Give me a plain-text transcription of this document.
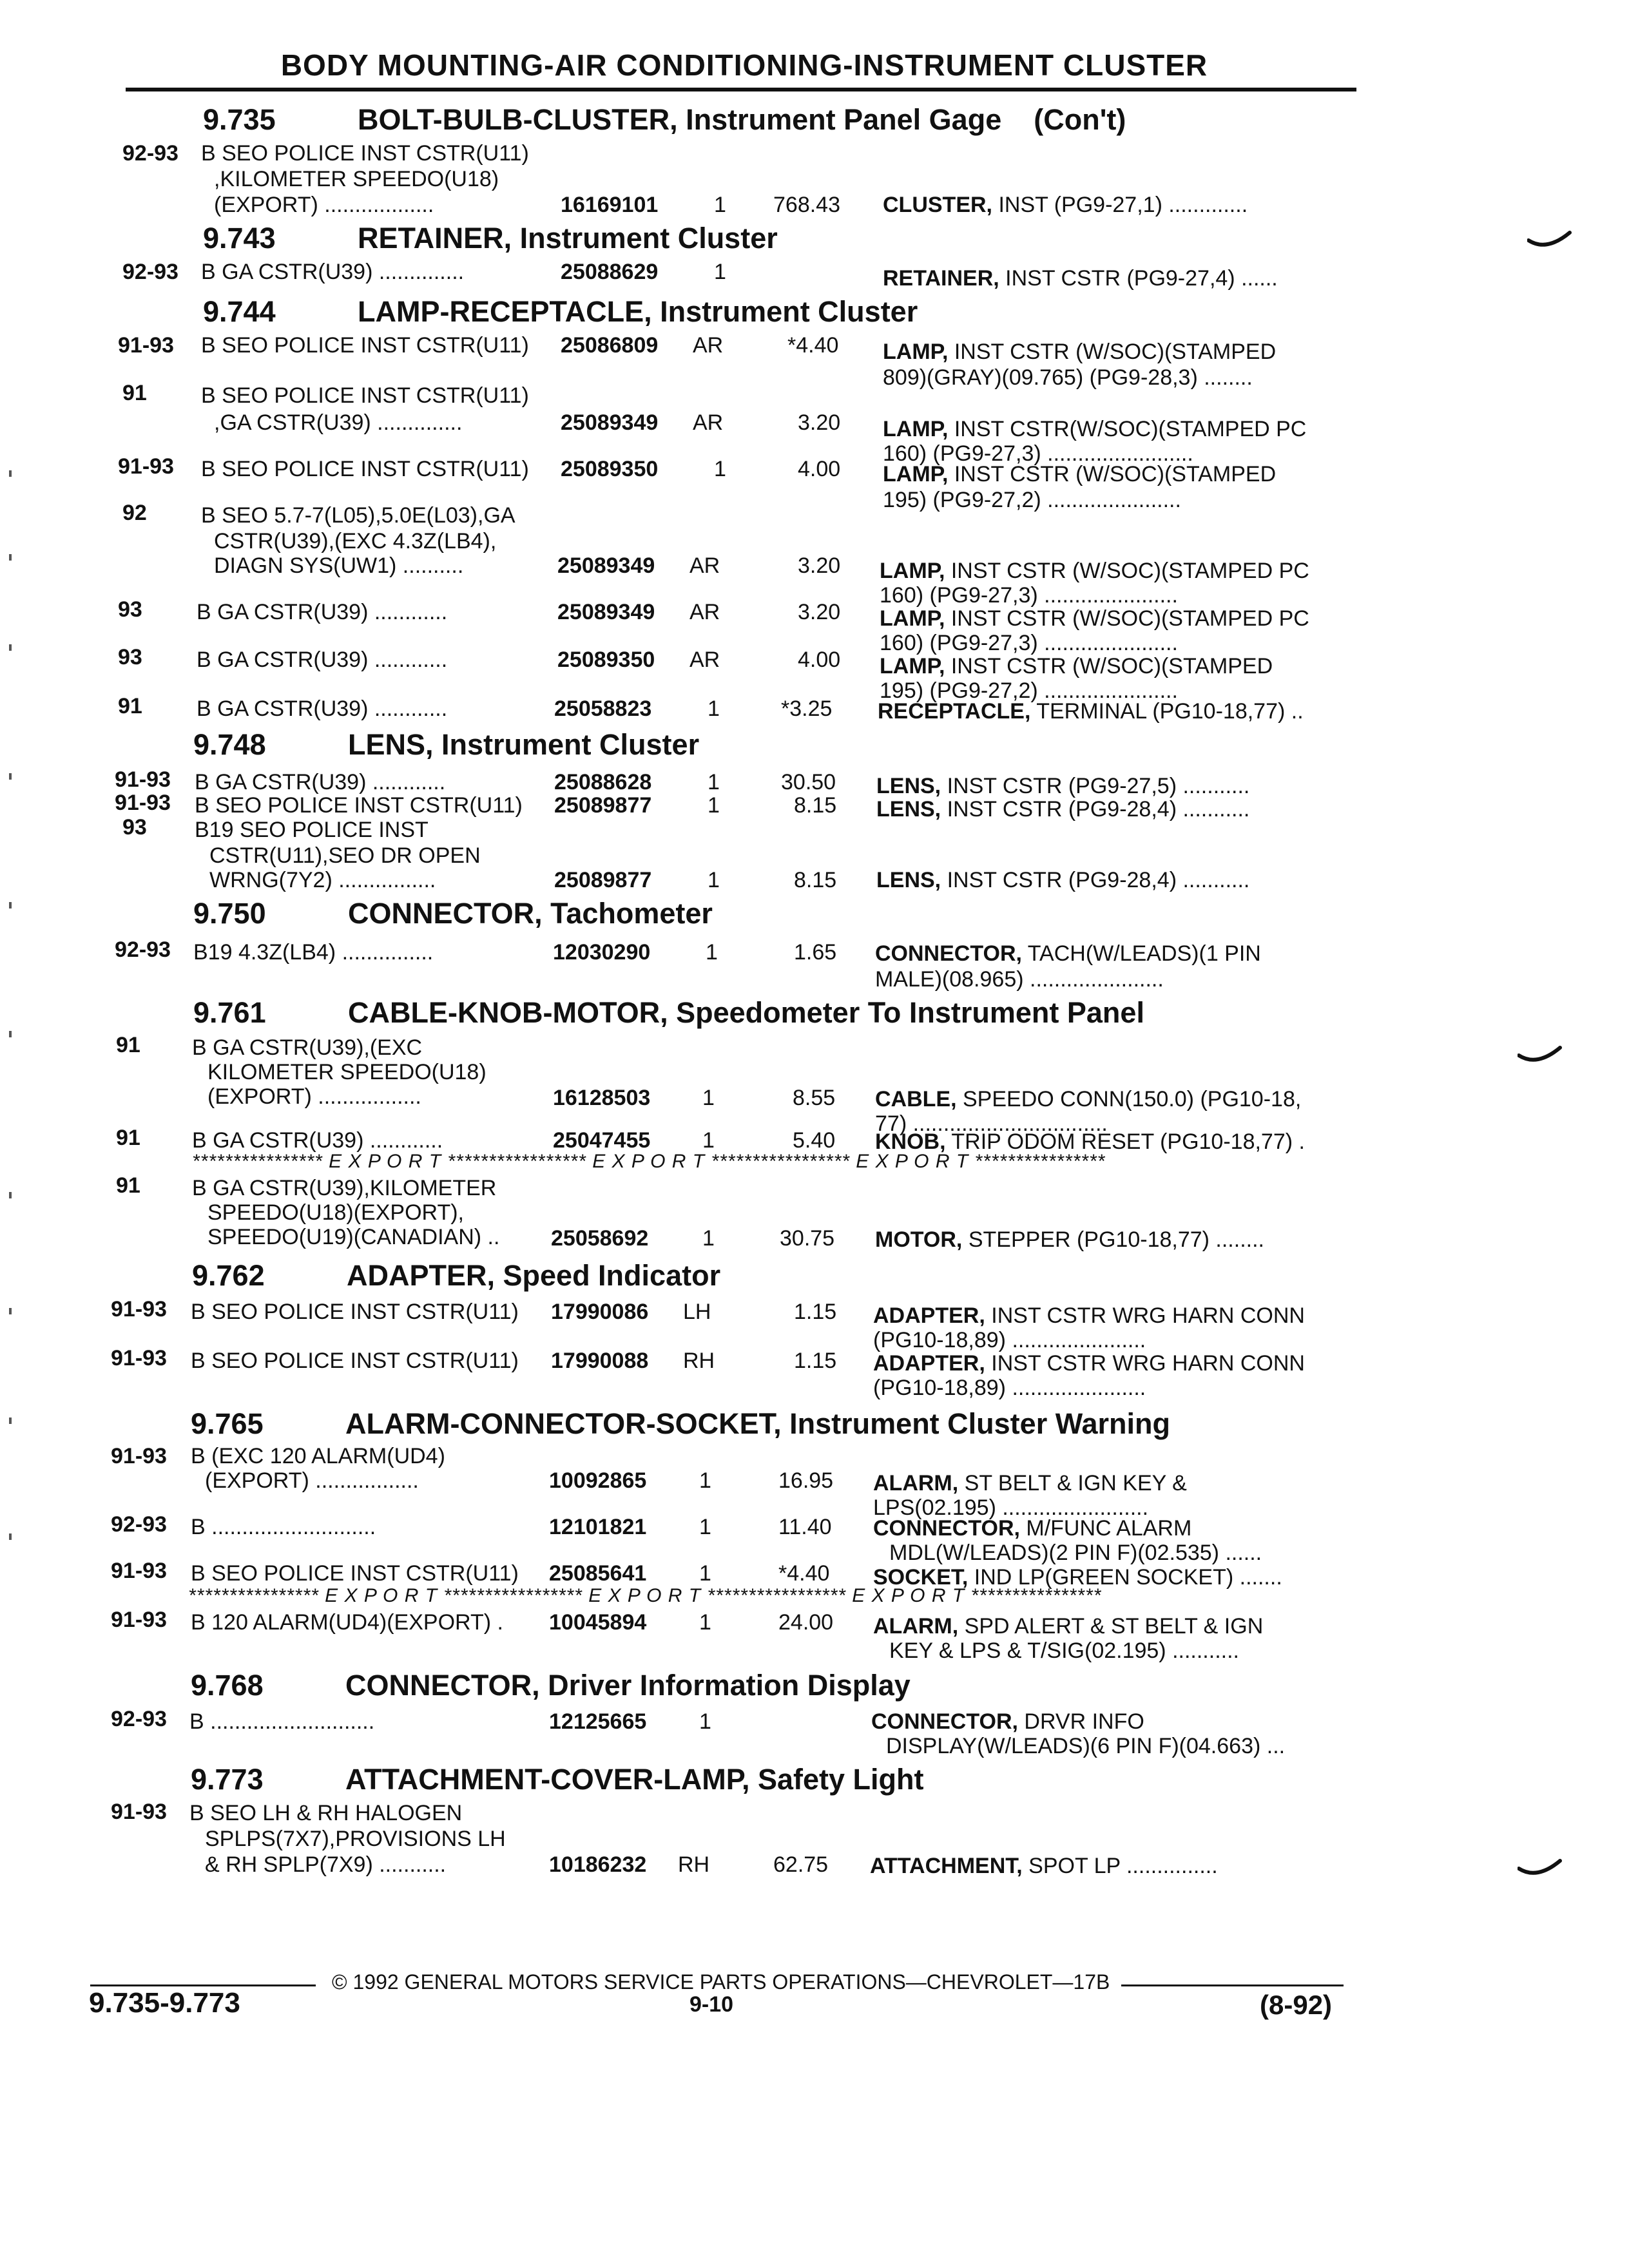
BODY MOUNTING-AIR CONDITIONING-INSTRUMENT CLUSTER
9.735	BOLT-BULB-CLUSTER, Instrument Panel Gage (Con't)
92-93 B SEO POLICE INST CSTR(U11)
,KILOMETER SPEEDO(U18)
(EXPORT) ..................	16169101	1 768.43 CLUSTER, INST (PG9-27,1) .............
9.743	RETAINER, Instrument Cluster
92-93 B GA CSTR(U39) ..............	25088629	1	RETAINER, INST CSTR (PG9-27,4) ......
9.744	LAMP-RECEPTACLE, Instrument Cluster
91-93 B SEO POLICE INST CSTR(U11) 25086809 AR	*4.40 LAMP, INST CSTR (W/SOC)(STAMPED
809)(GRAY)(09.765) (PG9-28,3) ........
91 B SEO POLICE INST CSTR(U11)
,GA CSTR(U39) ..............	25089349 AR	3.20 LAMP, INST CSTR(W/SOC)(STAMPED PC
160) (PG9-27,3) ........................
91-93 B SEO POLICE INST CSTR(U11) 25089350	1	4.00 LAMP, INST CSTR (W/SOC)(STAMPED
195) (PG9-27,2) ......................
92 B SEO 5.7-7(L05),5.0E(L03),GA
CSTR(U39),(EXC 4.3Z(LB4),
DIAGN SYS(UW1) ..........	25089349 AR	3.20 LAMP, INST CSTR (W/SOC)(STAMPED PC
160) (PG9-27,3) ......................
93 B GA CSTR(U39) ............	25089349 AR	3.20 LAMP, INST CSTR (W/SOC)(STAMPED PC
160) (PG9-27,3) ......................
93 B GA CSTR(U39) ............	25089350 AR	4.00 LAMP, INST CSTR (W/SOC)(STAMPED
195) (PG9-27,2) ......................
91 B GA CSTR(U39) ............	25058823	1	*3.25 RECEPTACLE, TERMINAL (PG10-18,77) ..
9.748	LENS, Instrument Cluster
91-93 B GA CSTR(U39) ............	25088628	1	30.50 LENS, INST CSTR (PG9-27,5) ...........
91-93 B SEO POLICE INST CSTR(U11) 25089877	1	8.15 LENS, INST CSTR (PG9-28,4) ...........
93 B19 SEO POLICE INST
CSTR(U11),SEO DR OPEN
WRNG(7Y2) ................	25089877	1	8.15 LENS, INST CSTR (PG9-28,4) ...........
9.750	CONNECTOR, Tachometer
92-93 B19 4.3Z(LB4) ...............	12030290	1	1.65 CONNECTOR, TACH(W/LEADS)(1 PIN
MALE)(08.965) ......................
9.761	CABLE-KNOB-MOTOR, Speedometer To Instrument Panel
91 B GA CSTR(U39),(EXC
KILOMETER SPEEDO(U18)
(EXPORT) .................	16128503 1	8.55 CABLE, SPEEDO CONN(150.0) (PG10-18,
77) ................................
91 B GA CSTR(U39) ............	25047455 1	5.40 KNOB, TRIP ODOM RESET (PG10-18,77) .
**************** E X P O R T ***************** E X P O R T ***************** E X P O R T ****************
91 B GA CSTR(U39),KILOMETER
SPEEDO(U18)(EXPORT),
SPEEDO(U19)(CANADIAN) .. 25058692 1	30.75 MOTOR, STEPPER (PG10-18,77) ........
9.762	ADAPTER, Speed Indicator
91-93 B SEO POLICE INST CSTR(U11) 17990086 LH	1.15 ADAPTER, INST CSTR WRG HARN CONN
(PG10-18,89) ......................
91-93 B SEO POLICE INST CSTR(U11) 17990088 RH	1.15 ADAPTER, INST CSTR WRG HARN CONN
(PG10-18,89) ......................
9.765	ALARM-CONNECTOR-SOCKET, Instrument Cluster Warning
91-93 B (EXC 120 ALARM(UD4)
(EXPORT) .................	10092865 1	16.95 ALARM, ST BELT & IGN KEY &
LPS(02.195) ........................
92-93 B ...........................	12101821 1	11.40 CONNECTOR, M/FUNC ALARM
MDL(W/LEADS)(2 PIN F)(02.535) ......
91-93 B SEO POLICE INST CSTR(U11) 25085641 1	*4.40 SOCKET, IND LP(GREEN SOCKET) .......
**************** E X P O R T ***************** E X P O R T ***************** E X P O R T ****************
91-93 B 120 ALARM(UD4)(EXPORT) . 10045894 1	24.00 ALARM, SPD ALERT & ST BELT & IGN
KEY & LPS & T/SIG(02.195) ...........
9.768	CONNECTOR, Driver Information Display
92-93 B ...........................	12125665 1	CONNECTOR, DRVR INFO
DISPLAY(W/LEADS)(6 PIN F)(04.663) ...
9.773	ATTACHMENT-COVER-LAMP, Safety Light
91-93 B SEO LH & RH HALOGEN
SPLPS(7X7),PROVISIONS LH
& RH SPLP(7X9) ...........	10186232 RH	62.75 ATTACHMENT, SPOT LP ...............
© 1992 GENERAL MOTORS SERVICE PARTS OPERATIONS—CHEVROLET—17B
9.735-9.773	9-10	(8-92)
